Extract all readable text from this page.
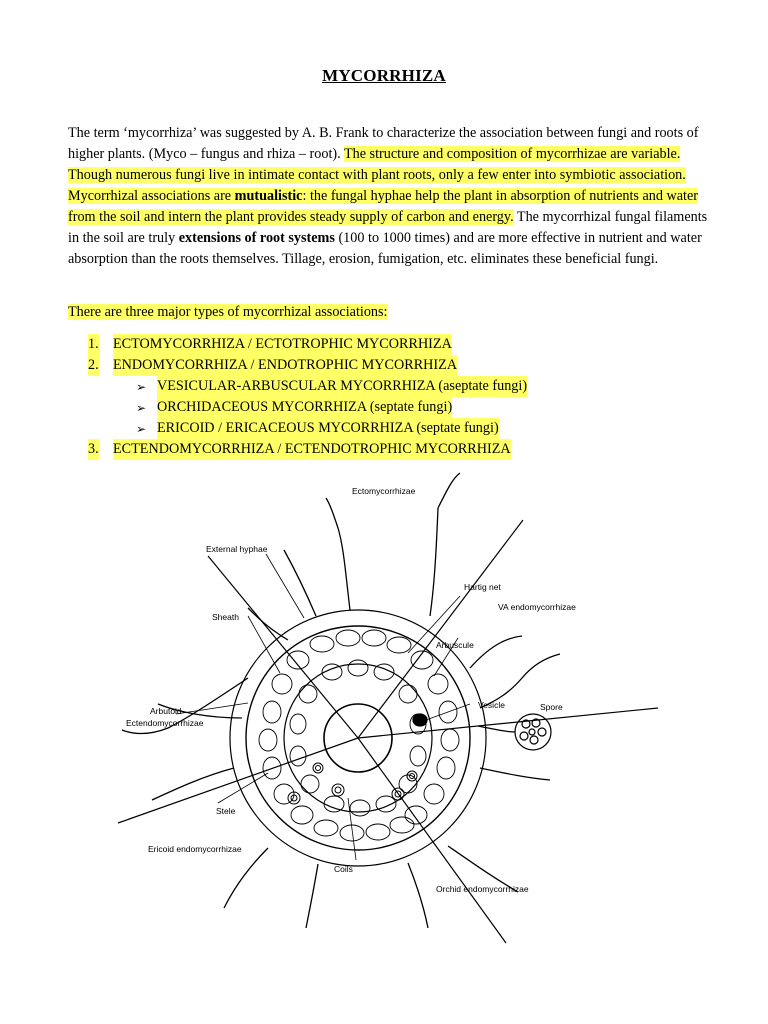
MYCORRHIZA
The term ‘mycorrhiza’ was suggested by A. B. Frank to characterize the association between fungi and roots of higher plants. (Myco – fungus and rhiza – root). The structure and composition of mycorrhizae are variable. Though numerous fungi live in intimate contact with plant roots, only a few enter into symbiotic association. Mycorrhizal associations are mutualistic: the fungal hyphae help the plant in absorption of nutrients and water from the soil and intern the plant provides steady supply of carbon and energy. The mycorrhizal fungal filaments in the soil are truly extensions of root systems (100 to 1000 times) and are more effective in nutrient and water absorption than the roots themselves. Tillage, erosion, fumigation, etc. eliminates these beneficial fungi.
There are three major types of mycorrhizal associations:
1. ECTOMYCORRHIZA / ECTOTROPHIC MYCORRHIZA
2. ENDOMYCORRHIZA / ENDOTROPHIC MYCORRHIZA
➢ VESICULAR-ARBUSCULAR MYCORRHIZA (aseptate fungi)
➢ ORCHIDACEOUS MYCORRHIZA (septate fungi)
➢ ERICOID / ERICACEOUS MYCORRHIZA (septate fungi)
3. ECTENDOMYCORRHIZA / ECTENDOTROPHIC MYCORRHIZA
Ectomycorrhizae
External hyphae
Hartig net
VA endomycorrhizae
Sheath
Arbuscule
Arbutoid
Ectendomycorrhizae
Vesicle	Spore
Stele
Ericoid endomycorrhizae
Coils
Orchid endomycorrhizae
